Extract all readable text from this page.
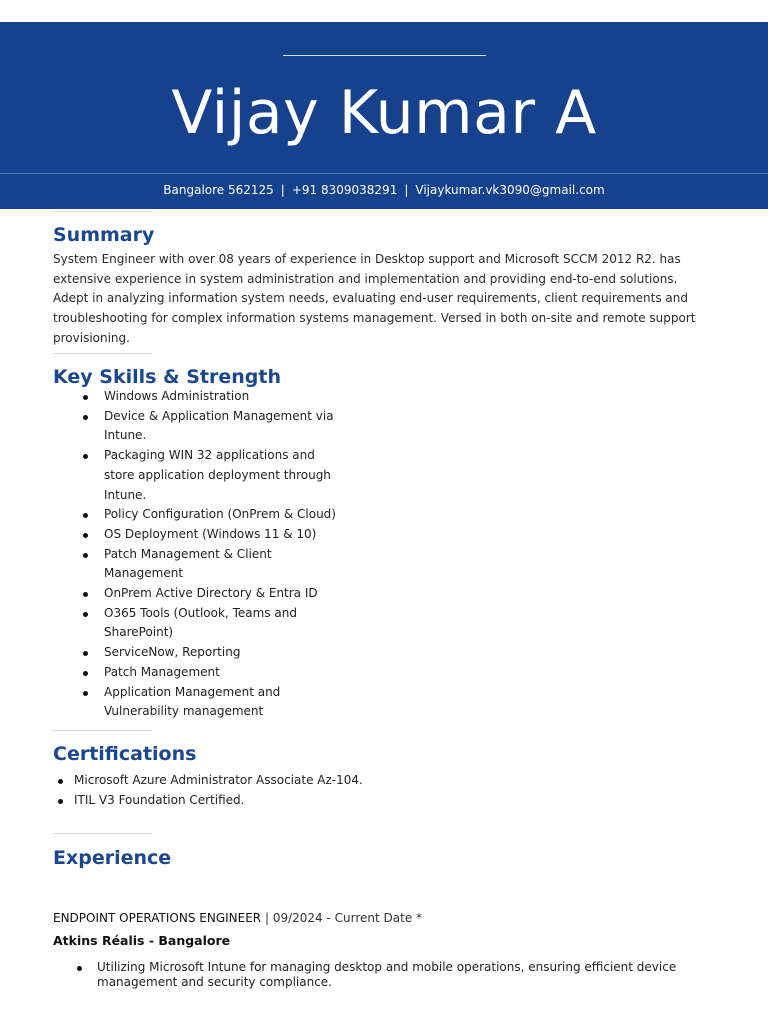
Vijay Kumar A
Bangalore 562125 | +91 8309038291 | Vijaykumar.vk3090@gmail.com
Summary

System Engineer with over 08 years of experience in Desktop support and Microsoft SCCM 2012 R2. has extensive experience in system administration and implementation and providing end-to-end solutions. Adept in analyzing information system needs, evaluating end-user requirements, client requirements and troubleshooting for complex information systems management. Versed in both on-site and remote support provisioning.

Key Skills & Strength
Windows Administration
Device & Application Management via Intune.
Packaging WIN 32 applications and store application deployment through Intune.
Policy Configuration (OnPrem & Cloud)
OS Deployment (Windows 11 & 10)
Patch Management & Client Management
OnPrem Active Directory & Entra ID
O365 Tools (Outlook, Teams and SharePoint)
ServiceNow, Reporting
Patch Management
Application Management and Vulnerability management
Certifications
Microsoft Azure Administrator Associate Az-104.
ITIL V3 Foundation Certified.
Experience
ENDPOINT OPERATIONS ENGINEER | 09/2024 - Current Date *
Atkins Réalis - Bangalore
Utilizing Microsoft Intune for managing desktop and mobile operations, ensuring efficient device management and security compliance.
